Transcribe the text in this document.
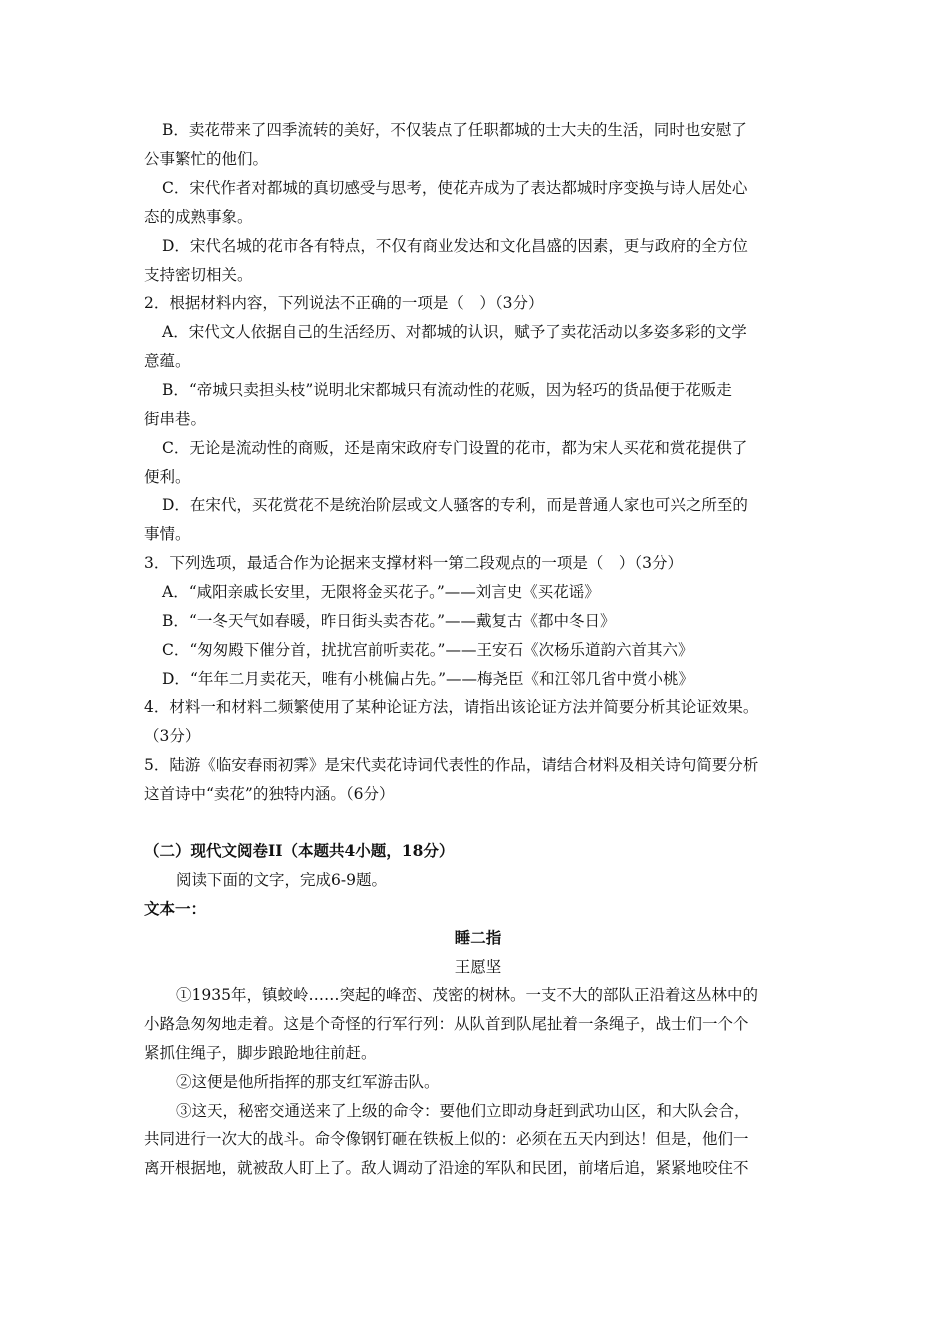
B．卖花带来了四季流转的美好，不仅装点了任职都城的士大夫的生活，同时也安慰了
公事繁忙的他们。
C．宋代作者对都城的真切感受与思考，使花卉成为了表达都城时序变换与诗人居处心
态的成熟事象。
D．宋代名城的花市各有特点，不仅有商业发达和文化昌盛的因素，更与政府的全方位
支持密切相关。
2．根据材料内容，下列说法不正确的一项是（　）（3分）
A．宋代文人依据自己的生活经历、对都城的认识，赋予了卖花活动以多姿多彩的文学
意蕴。
B．“帝城只卖担头枝”说明北宋都城只有流动性的花贩，因为轻巧的货品便于花贩走
街串巷。
C．无论是流动性的商贩，还是南宋政府专门设置的花市，都为宋人买花和赏花提供了
便利。
D．在宋代，买花赏花不是统治阶层或文人骚客的专利，而是普通人家也可兴之所至的
事情。
3．下列选项，最适合作为论据来支撑材料一第二段观点的一项是（　）（3分）
A．“咸阳亲戚长安里，无限将金买花子。”——刘言史《买花谣》
B．“一冬天气如春暖，昨日街头卖杏花。”——戴复古《都中冬日》
C．“匆匆殿下催分首，扰扰宫前听卖花。”——王安石《次杨乐道韵六首其六》
D．“年年二月卖花天，唯有小桃偏占先。”——梅尧臣《和江邻几省中赏小桃》
4．材料一和材料二频繁使用了某种论证方法，请指出该论证方法并简要分析其论证效果。
（3分）
5．陆游《临安春雨初霁》是宋代卖花诗词代表性的作品，请结合材料及相关诗句简要分析
这首诗中“卖花”的独特内涵。（6分）
（二）现代文阅卷II（本题共4小题，18分）
阅读下面的文字，完成6-9题。
文本一：
睡二指
王愿坚
①1935年，镇蛟岭……突起的峰峦、茂密的树林。一支不大的部队正沿着这丛林中的
小路急匆匆地走着。这是个奇怪的行军行列：从队首到队尾扯着一条绳子，战士们一个个
紧抓住绳子，脚步踉跄地往前赶。
②这便是他所指挥的那支红军游击队。
③这天，秘密交通送来了上级的命令：要他们立即动身赶到武功山区，和大队会合，
共同进行一次大的战斗。命令像钢钉砸在铁板上似的：必须在五天内到达！但是，他们一
离开根据地，就被敌人盯上了。敌人调动了沿途的军队和民团，前堵后追，紧紧地咬住不
